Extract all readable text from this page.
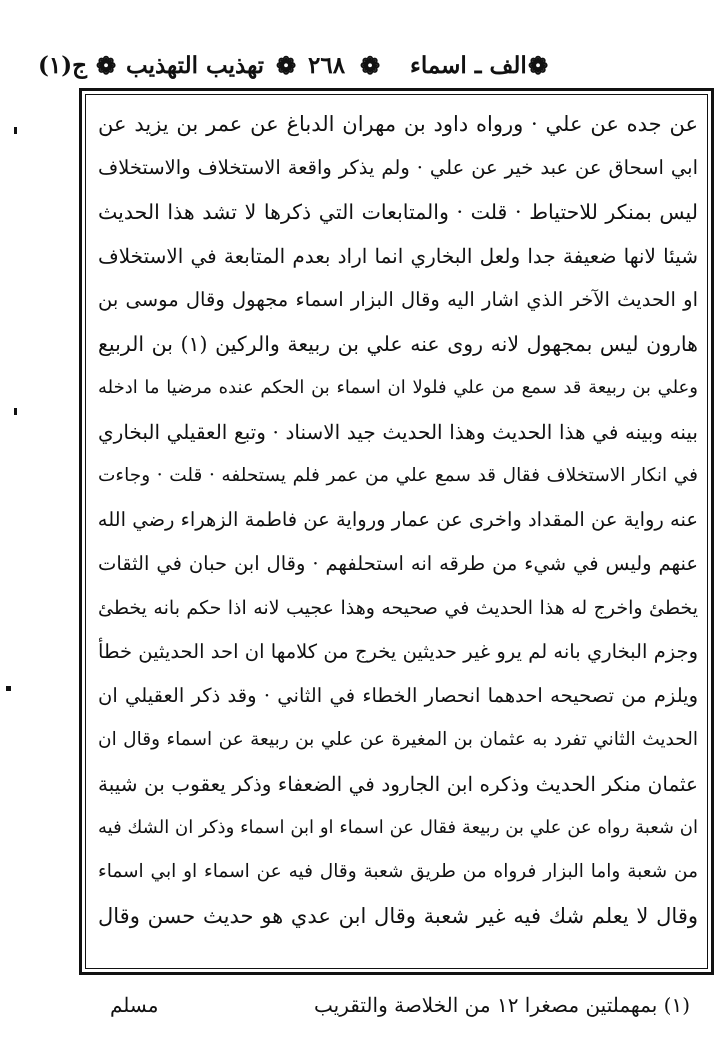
ج(١) ❁ تهذيب التهذيب ❁ ٢٦٨ ❁ الف ـ اسماء ❁
عن جده عن علي · ورواه داود بن مهران الدباغ عن عمر بن يزيد عن
ابي اسحاق عن عبد خير عن علي · ولم يذكر واقعة الاستخلاف والاستخلاف
ليس بمنكر للاحتياط · قلت · والمتابعات التي ذكرها لا تشد هذا الحديث
شيئا لانها ضعيفة جدا ولعل البخاري انما اراد بعدم المتابعة في الاستخلاف
او الحديث الآخر الذي اشار اليه وقال البزار اسماء مجهول وقال موسى بن
هارون ليس بمجهول لانه روى عنه علي بن ربيعة والركين (١) بن الربيع
وعلي بن ربيعة قد سمع من علي فلولا ان اسماء بن الحكم عنده مرضيا ما ادخله
بينه وبينه في هذا الحديث وهذا الحديث جيد الاسناد · وتبع العقيلي البخاري
في انكار الاستخلاف فقال قد سمع علي من عمر فلم يستحلفه · قلت · وجاءت
عنه رواية عن المقداد واخرى عن عمار ورواية عن فاطمة الزهراء رضي الله
عنهم وليس في شيء من طرقه انه استحلفهم · وقال ابن حبان في الثقات
يخطئ واخرج له هذا الحديث في صحيحه وهذا عجيب لانه اذا حكم بانه يخطئ
وجزم البخاري بانه لم يرو غير حديثين يخرج من كلامها ان احد الحديثين خطأ
ويلزم من تصحيحه احدهما انحصار الخطاء في الثاني · وقد ذكر العقيلي ان
الحديث الثاني تفرد به عثمان بن المغيرة عن علي بن ربيعة عن اسماء وقال ان
عثمان منكر الحديث وذكره ابن الجارود في الضعفاء وذكر يعقوب بن شيبة
ان شعبة رواه عن علي بن ربيعة فقال عن اسماء او ابن اسماء وذكر ان الشك فيه
من شعبة واما البزار فرواه من طريق شعبة وقال فيه عن اسماء او ابي اسماء
وقال لا يعلم شك فيه غير شعبة وقال ابن عدي هو حديث حسن وقال
(١) بمهملتين مصغرا ١٢ من الخلاصة والتقريب
مسلم
